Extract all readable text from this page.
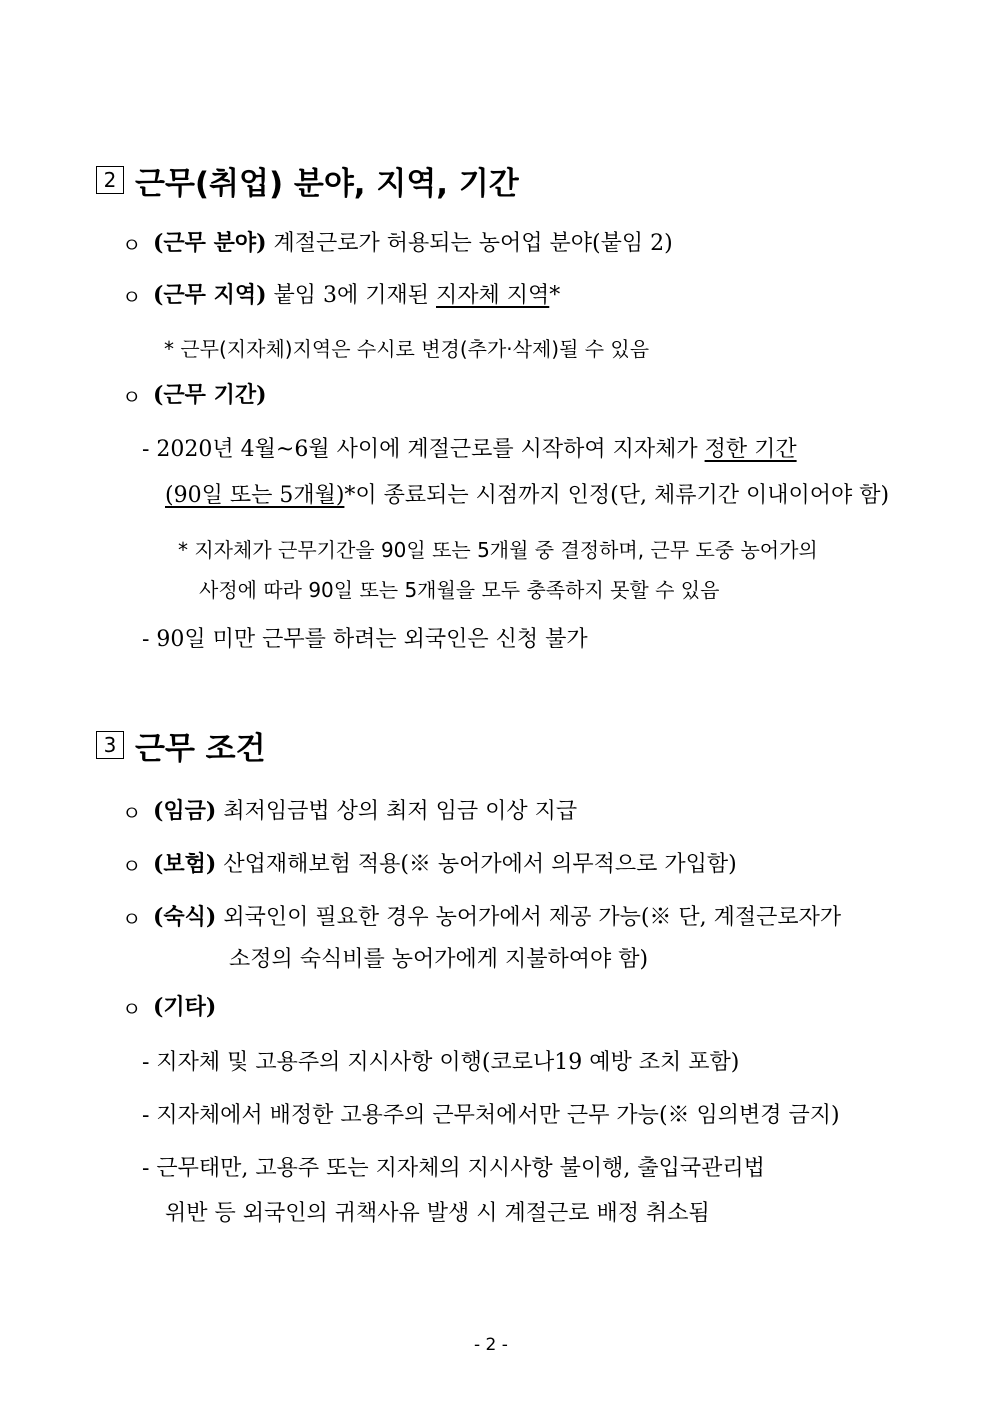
2 근무(취업) 분야, 지역, 기간
ㅇ (근무 분야) 계절근로가 허용되는 농어업 분야(붙임 2)
ㅇ (근무 지역) 붙임 3에 기재된 지자체 지역*
* 근무(지자체)지역은 수시로 변경(추가·삭제)될 수 있음
ㅇ (근무 기간)
- 2020년 4월~6월 사이에 계절근로를 시작하여 지자체가 정한 기간
(90일 또는 5개월)*이 종료되는 시점까지 인정(단, 체류기간 이내이어야 함)
* 지자체가 근무기간을 90일 또는 5개월 중 결정하며, 근무 도중 농어가의
사정에 따라 90일 또는 5개월을 모두 충족하지 못할 수 있음
- 90일 미만 근무를 하려는 외국인은 신청 불가
3 근무 조건
ㅇ (임금) 최저임금법 상의 최저 임금 이상 지급
ㅇ (보험) 산업재해보험 적용(※ 농어가에서 의무적으로 가입함)
ㅇ (숙식) 외국인이 필요한 경우 농어가에서 제공 가능(※ 단, 계절근로자가
소정의 숙식비를 농어가에게 지불하여야 함)
ㅇ (기타)
- 지자체 및 고용주의 지시사항 이행(코로나19 예방 조치 포함)
- 지자체에서 배정한 고용주의 근무처에서만 근무 가능(※ 임의변경 금지)
- 근무태만, 고용주 또는 지자체의 지시사항 불이행, 출입국관리법
위반 등 외국인의 귀책사유 발생 시 계절근로 배정 취소됨
- 2 -
